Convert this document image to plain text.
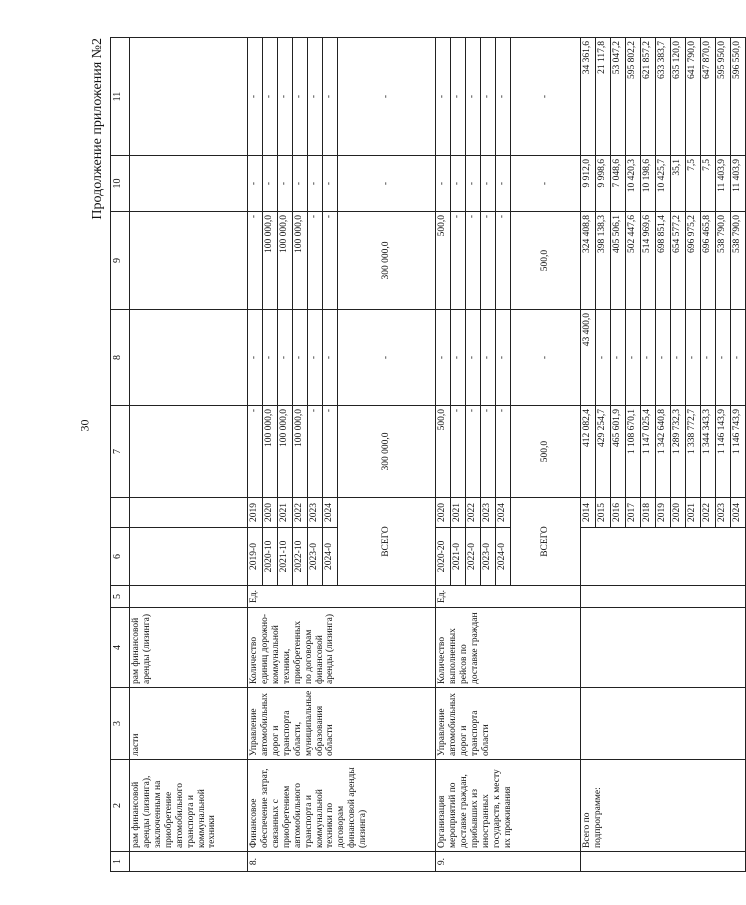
30
Продолжение приложения №2
1	2	3	4	5	6		7	8	9	10	11
	рам финансовой аренды (лизинга), заключенным на приобретение автомобильного транспорта и коммунальной техники	ласти	рам финансовой аренды (лизинга)								
8.	Финансовое обеспечение затрат, связанных с приобретением автомобильного транспорта и коммунальной техники по договорам финансовой аренды (лизинга)	Управление автомобильных дорог и транспорта области, муниципальные образования области	Количество единиц дорожно-коммунальной техники, приобретенных по договорам финансовой аренды (лизинга)	Ед.	2019-0	2019	-	-	-	-	-
					2020-10	2020	100 000,0	-	100 000,0	-	-
					2021-10	2021	100 000,0	-	100 000,0	-	-
					2022-10	2022	100 000,0	-	100 000,0	-	-
					2023-0	2023	-	-	-	-	-
					2024-0	2024	-	-	-	-	-
					ВСЕГО		300 000,0	-	300 000,0	-	-
9.	Организация мероприятий по доставке граждан, прибывших из иностранных государств, к месту их проживания	Управление автомобильных дорог и транспорта области	Количество выполненных рейсов по доставке граждан	Ед.	2020-20	2020	500,0	-	500,0	-	-
					2021-0	2021	-	-	-	-	-
					2022-0	2022	-	-	-	-	-
					2023-0	2023	-	-	-	-	-
					2024-0	2024	-	-	-	-	-
					ВСЕГО		500,0	-	500,0	-	-
	Всего по подпрограмме:					2014	412 082,4	43 400,0	324 408,8	9 912,0	34 361,6
						2015	429 254,7	-	398 138,3	9 998,6	21 117,8
						2016	465 601,9	-	405 506,1	7 048,6	53 047,2
						2017	1 108 670,1	-	502 447,6	10 420,3	595 802,2
						2018	1 147 025,4	-	514 969,6	10 198,6	621 857,2
						2019	1 342 640,8	-	698 851,4	10 425,7	633 383,7
						2020	1 289 732,3	-	654 577,2	35,1	635 120,0
						2021	1 338 772,7	-	696 975,2	7,5	641 790,0
						2022	1 344 343,3	-	696 465,8	7,5	647 870,0
						2023	1 146 143,9	-	538 790,0	11 403,9	595 950,0
						2024	1 146 743,9	-	538 790,0	11 403,9	596 550,0
